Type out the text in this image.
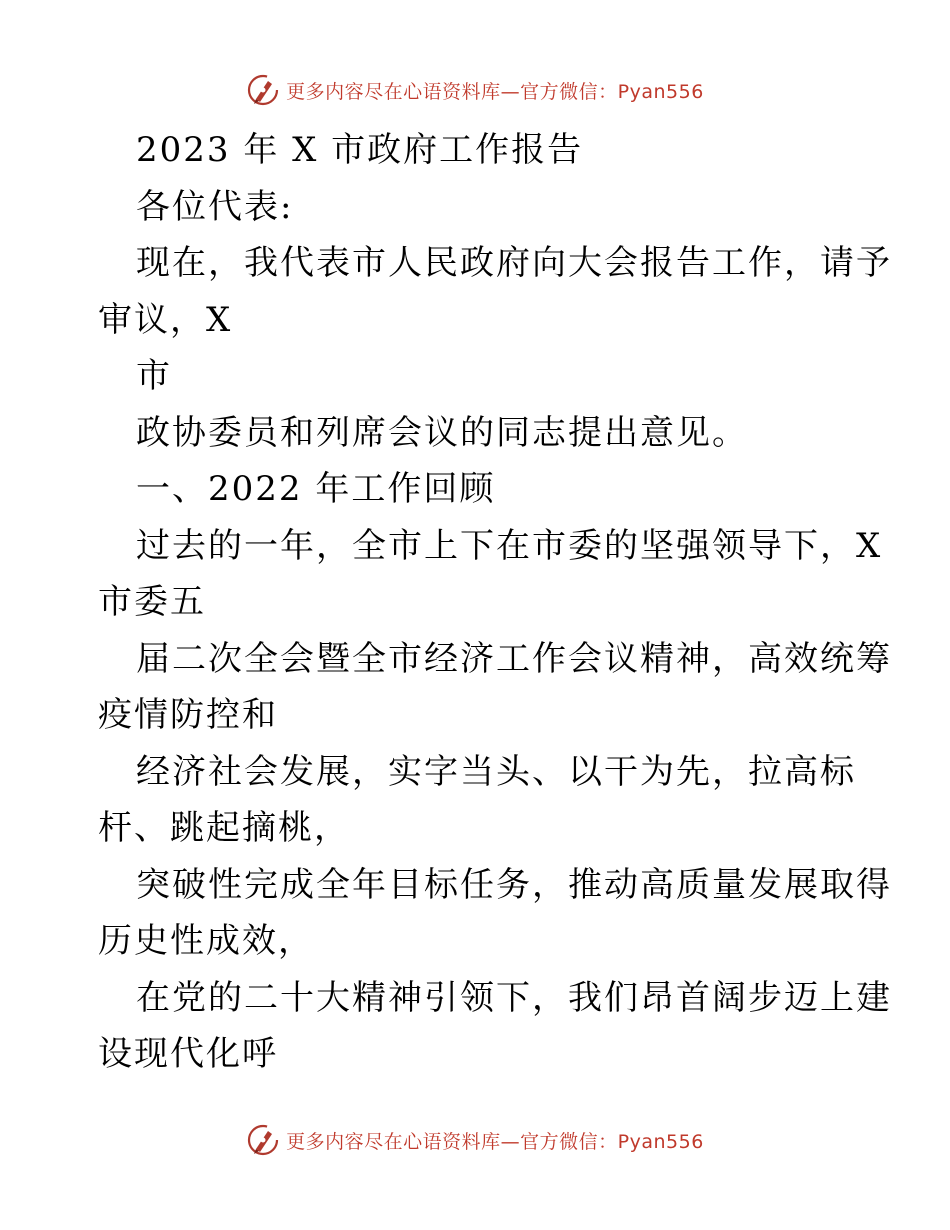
更多内容尽在心语资料库—官方微信：Pyan556
2023 年 X 市政府工作报告
各位代表:
现在，我代表市人民政府向大会报告工作，请予
审议，X
市
政协委员和列席会议的同志提出意见。
一、2022 年工作回顾
过去的一年，全市上下在市委的坚强领导下，X
市委五
届二次全会暨全市经济工作会议精神，高效统筹
疫情防控和
经济社会发展，实字当头、以干为先，拉高标
杆、跳起摘桃，
突破性完成全年目标任务，推动高质量发展取得
历史性成效，
在党的二十大精神引领下，我们昂首阔步迈上建
设现代化呼
更多内容尽在心语资料库—官方微信：Pyan556
